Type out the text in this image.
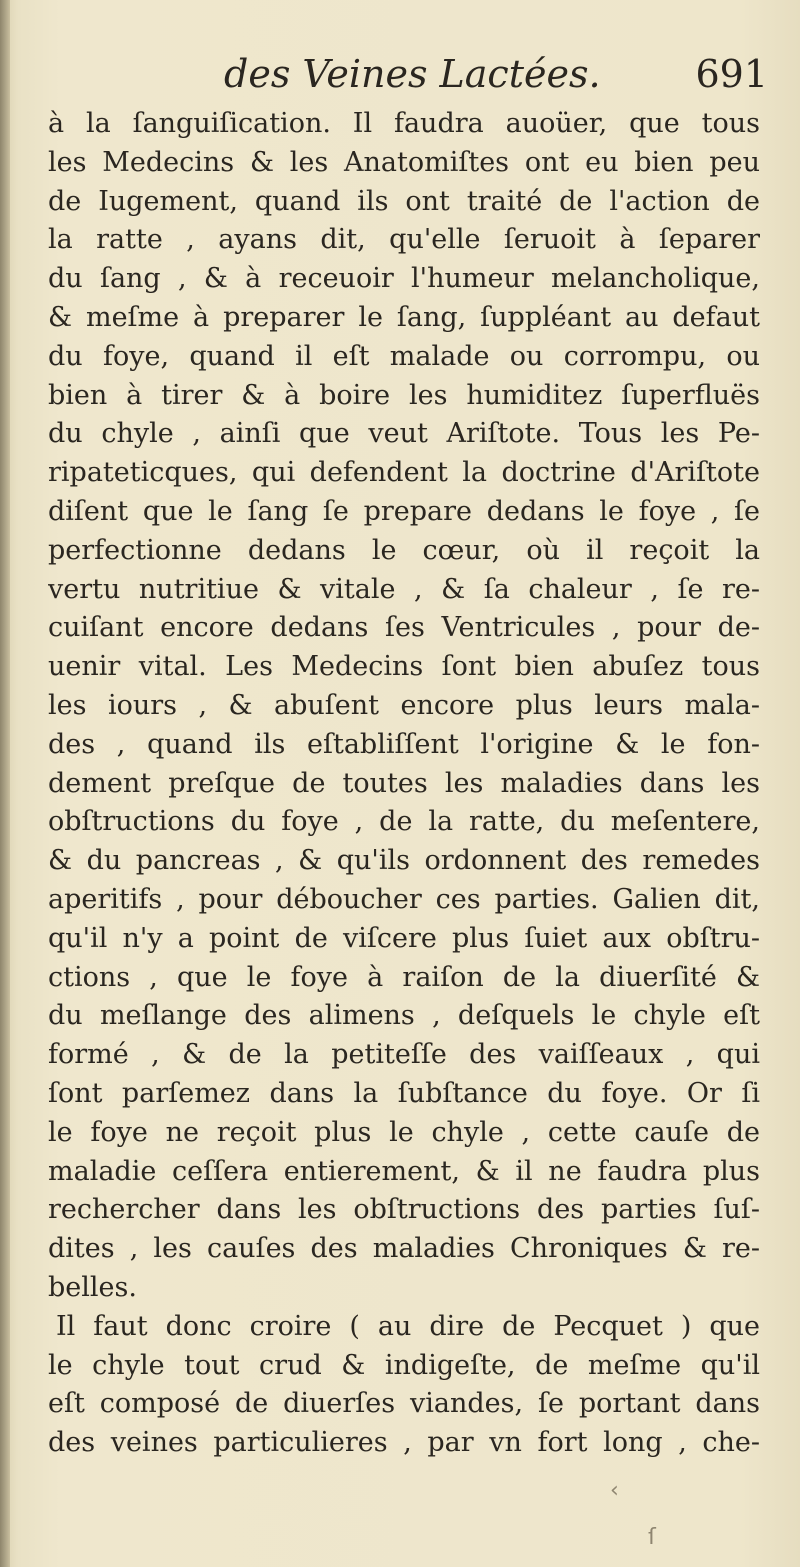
des Veines Lactées. 691
à la ſanguiſication. Il faudra auoüer, que tous
les Medecins & les Anatomiſtes ont eu bien peu
de Iugement, quand ils ont traité de l'action de
la ratte , ayans dit, qu'elle ſeruoit à ſeparer
du ſang , & à receuoir l'humeur melancholique,
& meſme à preparer le ſang, ſuppléant au defaut
du foye, quand il eſt malade ou corrompu, ou
bien à tirer & à boire les humiditez ſuperfluës
du chyle , ainſi que veut Ariſtote. Tous les Pe-
ripateticques, qui defendent la doctrine d'Ariſtote
diſent que le ſang ſe prepare dedans le foye , ſe
perfectionne dedans le cœur, où il reçoit la
vertu nutritiue & vitale , & ſa chaleur , ſe re-
cuiſant encore dedans ſes Ventricules , pour de-
uenir vital. Les Medecins ſont bien abuſez tous
les iours , & abuſent encore plus leurs mala-
des , quand ils eſtabliſſent l'origine & le fon-
dement preſque de toutes les maladies dans les
obſtructions du foye , de la ratte, du meſentere,
& du pancreas , & qu'ils ordonnent des remedes
aperitifs , pour déboucher ces parties. Galien dit,
qu'il n'y a point de viſcere plus ſuiet aux obſtru-
ctions , que le foye à raiſon de la diuerſité &
du meſlange des alimens , deſquels le chyle eſt
formé , & de la petiteſſe des vaiſſeaux , qui
ſont parſemez dans la ſubſtance du foye. Or ſi
le foye ne reçoit plus le chyle , cette cauſe de
maladie ceſſera entierement, & il ne faudra plus
rechercher dans les obſtructions des parties ſuſ-
dites , les cauſes des maladies Chroniques & re-
belles.
Il faut donc croire ( au dire de Pecquet ) que
le chyle tout crud & indigeſte, de meſme qu'il
eſt composé de diuerſes viandes, ſe portant dans
des veines particulieres , par vn fort long , che-
‹
ſ
